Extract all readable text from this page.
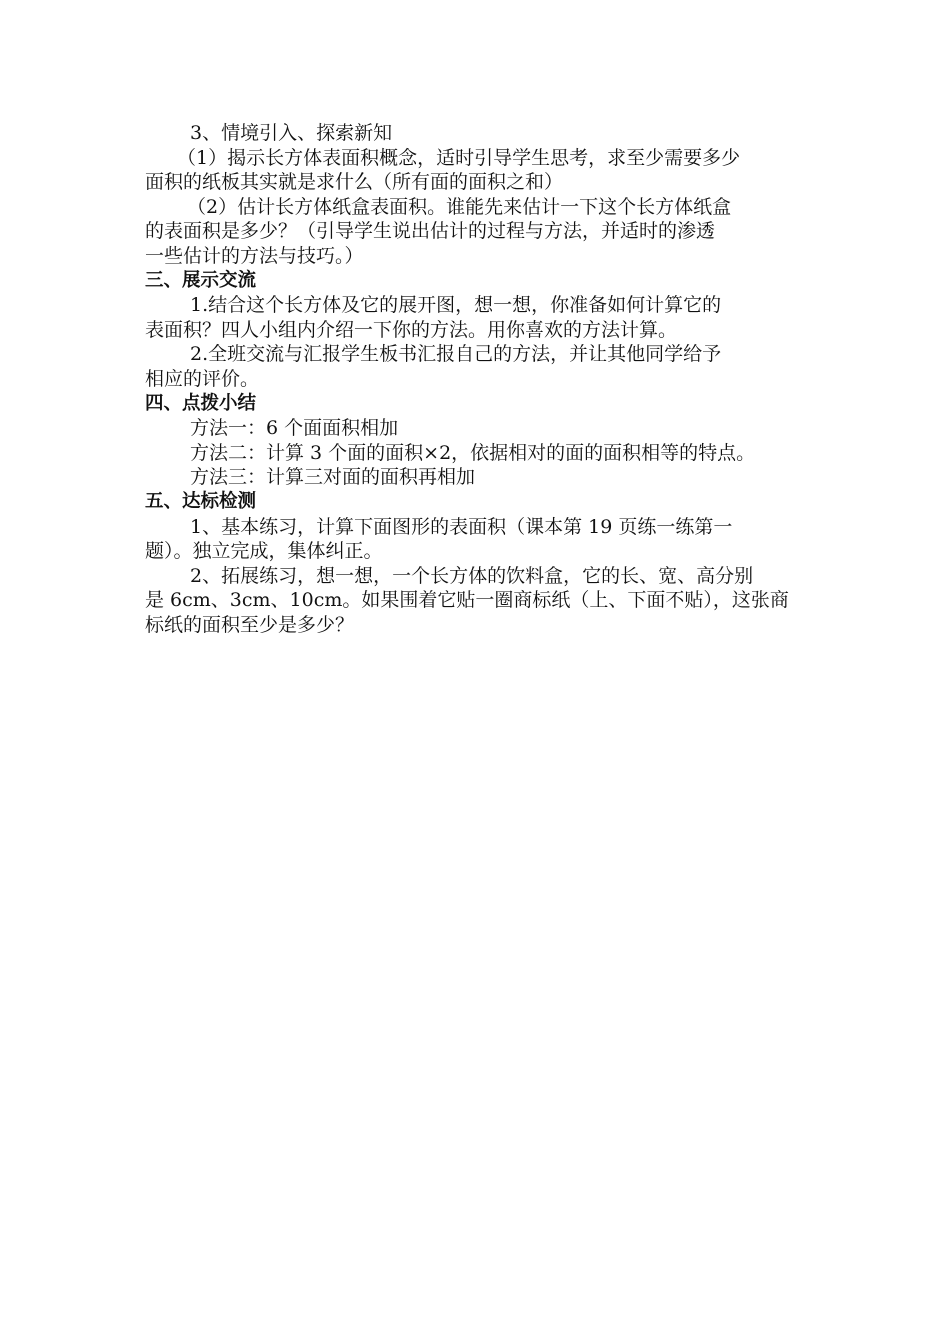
3、情境引入、探索新知
（1）揭示长方体表面积概念，适时引导学生思考，求至少需要多少
面积的纸板其实就是求什么（所有面的面积之和）
（2）估计长方体纸盒表面积。谁能先来估计一下这个长方体纸盒
的表面积是多少？（引导学生说出估计的过程与方法，并适时的渗透
一些估计的方法与技巧。）
三、展示交流
1.结合这个长方体及它的展开图，想一想，你准备如何计算它的
表面积？四人小组内介绍一下你的方法。用你喜欢的方法计算。
2.全班交流与汇报学生板书汇报自己的方法，并让其他同学给予
相应的评价。
四、点拨小结
方法一：6 个面面积相加
方法二：计算 3 个面的面积×2，依据相对的面的面积相等的特点。
方法三：计算三对面的面积再相加
五、达标检测
1、基本练习，计算下面图形的表面积（课本第 19 页练一练第一
题）。独立完成，集体纠正。
2、拓展练习，想一想，一个长方体的饮料盒，它的长、宽、高分别
是 6cm、3cm、10cm。如果围着它贴一圈商标纸（上、下面不贴），这张商
标纸的面积至少是多少？
